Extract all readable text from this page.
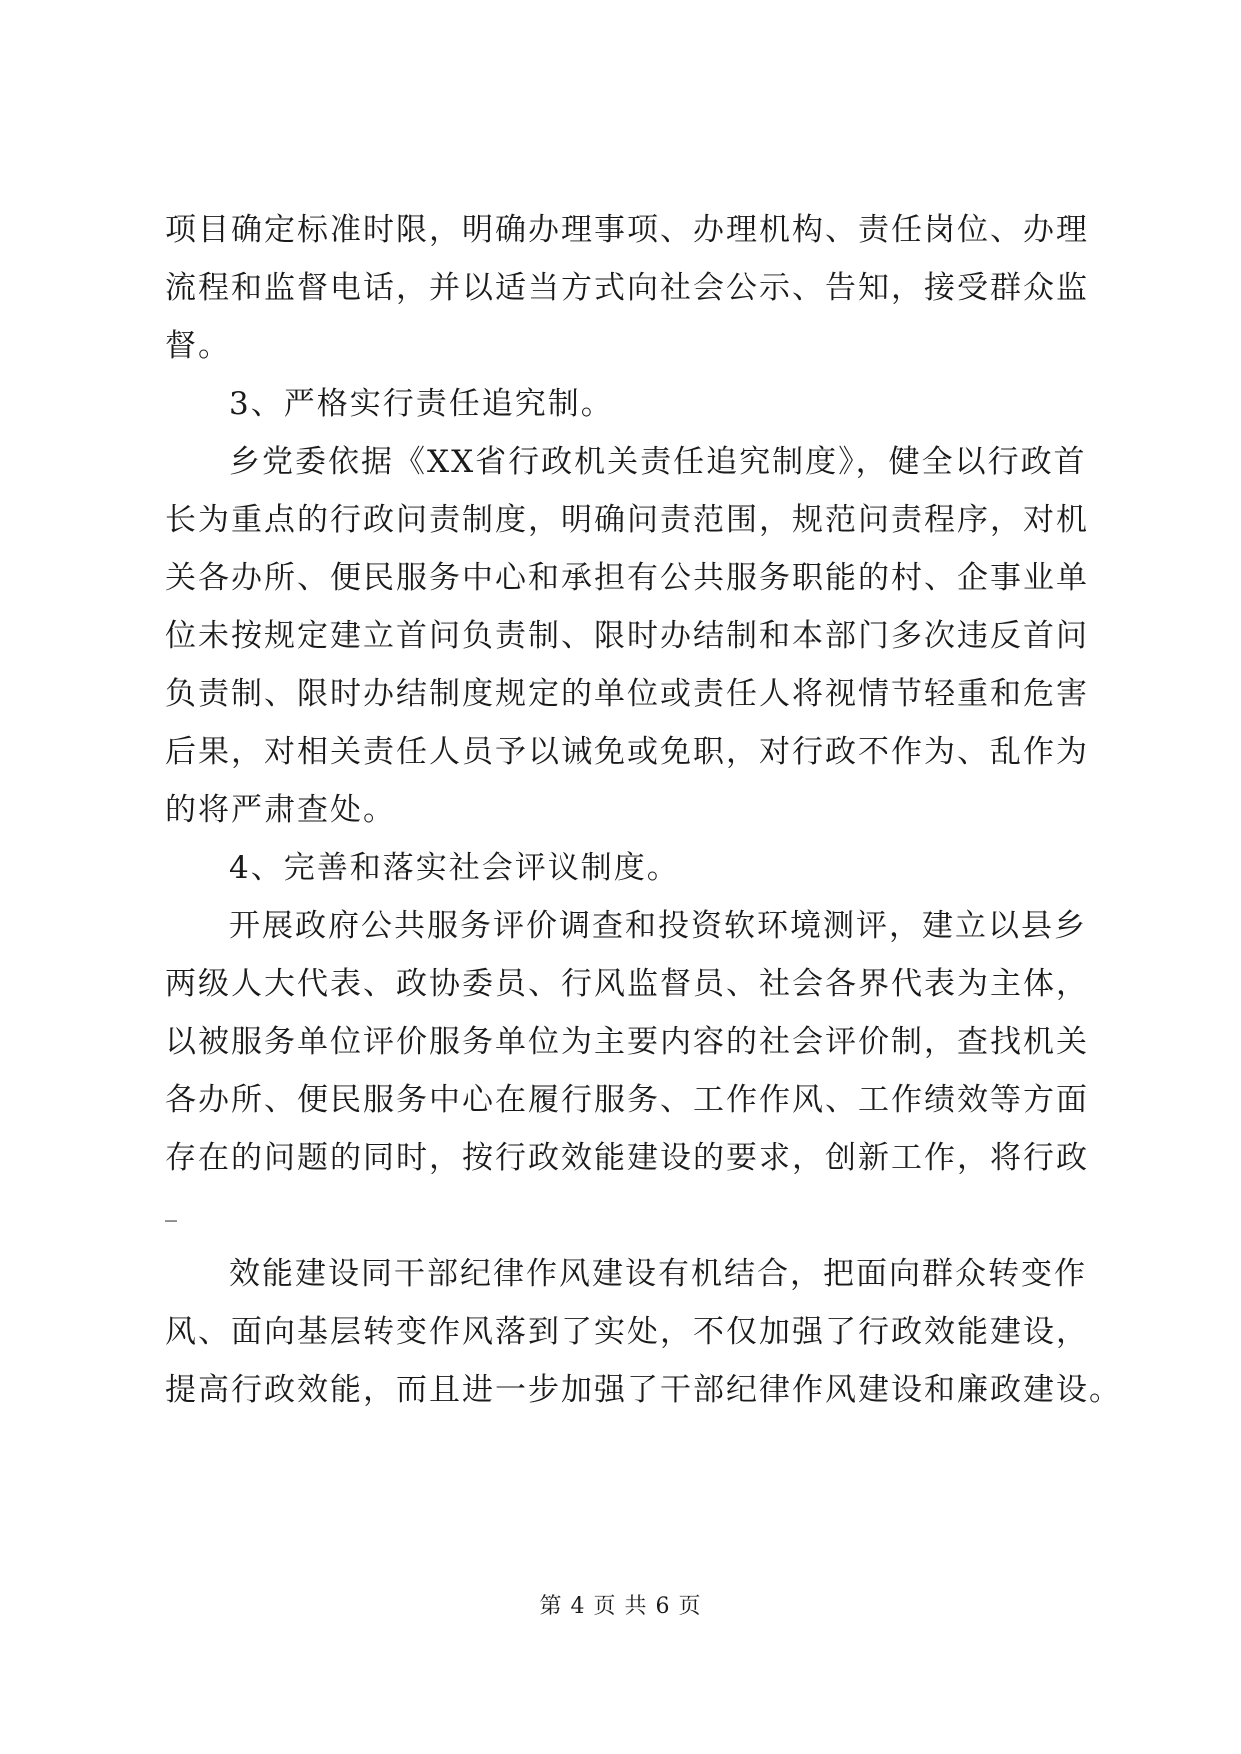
项目确定标准时限，明确办理事项、办理机构、责任岗位、办理
流程和监督电话，并以适当方式向社会公示、告知，接受群众监
督。
3、严格实行责任追究制。
乡党委依据《XX省行政机关责任追究制度》，健全以行政首
长为重点的行政问责制度，明确问责范围，规范问责程序，对机
关各办所、便民服务中心和承担有公共服务职能的村、企事业单
位未按规定建立首问负责制、限时办结制和本部门多次违反首问
负责制、限时办结制度规定的单位或责任人将视情节轻重和危害
后果，对相关责任人员予以诫免或免职，对行政不作为、乱作为
的将严肃查处。
4、完善和落实社会评议制度。
开展政府公共服务评价调查和投资软环境测评，建立以县乡
两级人大代表、政协委员、行风监督员、社会各界代表为主体，
以被服务单位评价服务单位为主要内容的社会评价制，查找机关
各办所、便民服务中心在履行服务、工作作风、工作绩效等方面
存在的问题的同时，按行政效能建设的要求，创新工作，将行政
_
效能建设同干部纪律作风建设有机结合，把面向群众转变作
风、面向基层转变作风落到了实处，不仅加强了行政效能建设，
提高行政效能，而且进一步加强了干部纪律作风建设和廉政建设。
第 4 页 共 6 页
